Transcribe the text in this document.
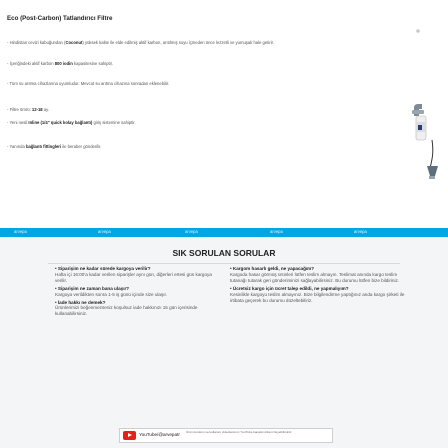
Eco (Post-Carbon) Tatlandırıcı Filtre
- Hindistan cevizi kabuğundan (Coconut) yüksek kalite ile elde edilmiş aktif karbon, arıtılmış suyu içmeden önce lezzetli ve yumuşak hale getirir.
- İçeriğindeki aktif karbon 800 iodin kapasitesine sahiptir.
- Tüm su arıtma cihazlarına uyumludur. Mevcut su arıtma cihazına sonradan eklenebilir.
- Filtre ömrü: 12-18 ay.
- Yeni nesil Inline (1/4" quick kolay bağlantı) giriş sistemine sahiptir.
- Yanında bağlantı fittingleri ile beraber gönderilir.
arvepa	arvepa	arvepa	arvepa	arvepa
SIK SORULAN SORULAR
• Siparişim ne kadar sürede kargoya verilir?
Hafta içi 16:00'a kadar verilen siparişler aynı gün, diğerleri ertesi gün kargoya verilir.
• Siparişim ne zaman bana ulaşır?
Kargoya verildikten sonra 1-5 iş günü içinde size ulaşır.
• İade hakkı ne demek?
Ürünlerimizi beğenmezseniz koşulsuz iade hakkınızı 15 gün içerisinde kullanabilirsiniz.
• Kargom hasarlı geldi, ne yapacağım?
Kargoda hasar görmüş ürünleri lütfen teslim almayın. Teslimat anında kargo teslim tutanağı tutarak geri gönderiminizi sağlayabilirsiniz. Bu durumu lütfen bize bildiriniz.
• Ücretsiz kargo için ücret talep edildi, ne yapmalıyım?
Kesinlikle kargoyu teslim almayınız. Bize bilgilendirme yaptığınız anda kargo şirketi ile irtibata geçerek bu durumu düzeltebiliriz.
YouTube/@arvepatr Ürün kurulum ve kullanım videolarımızı YouTube kanalımızdan izleyebilirsiniz.
